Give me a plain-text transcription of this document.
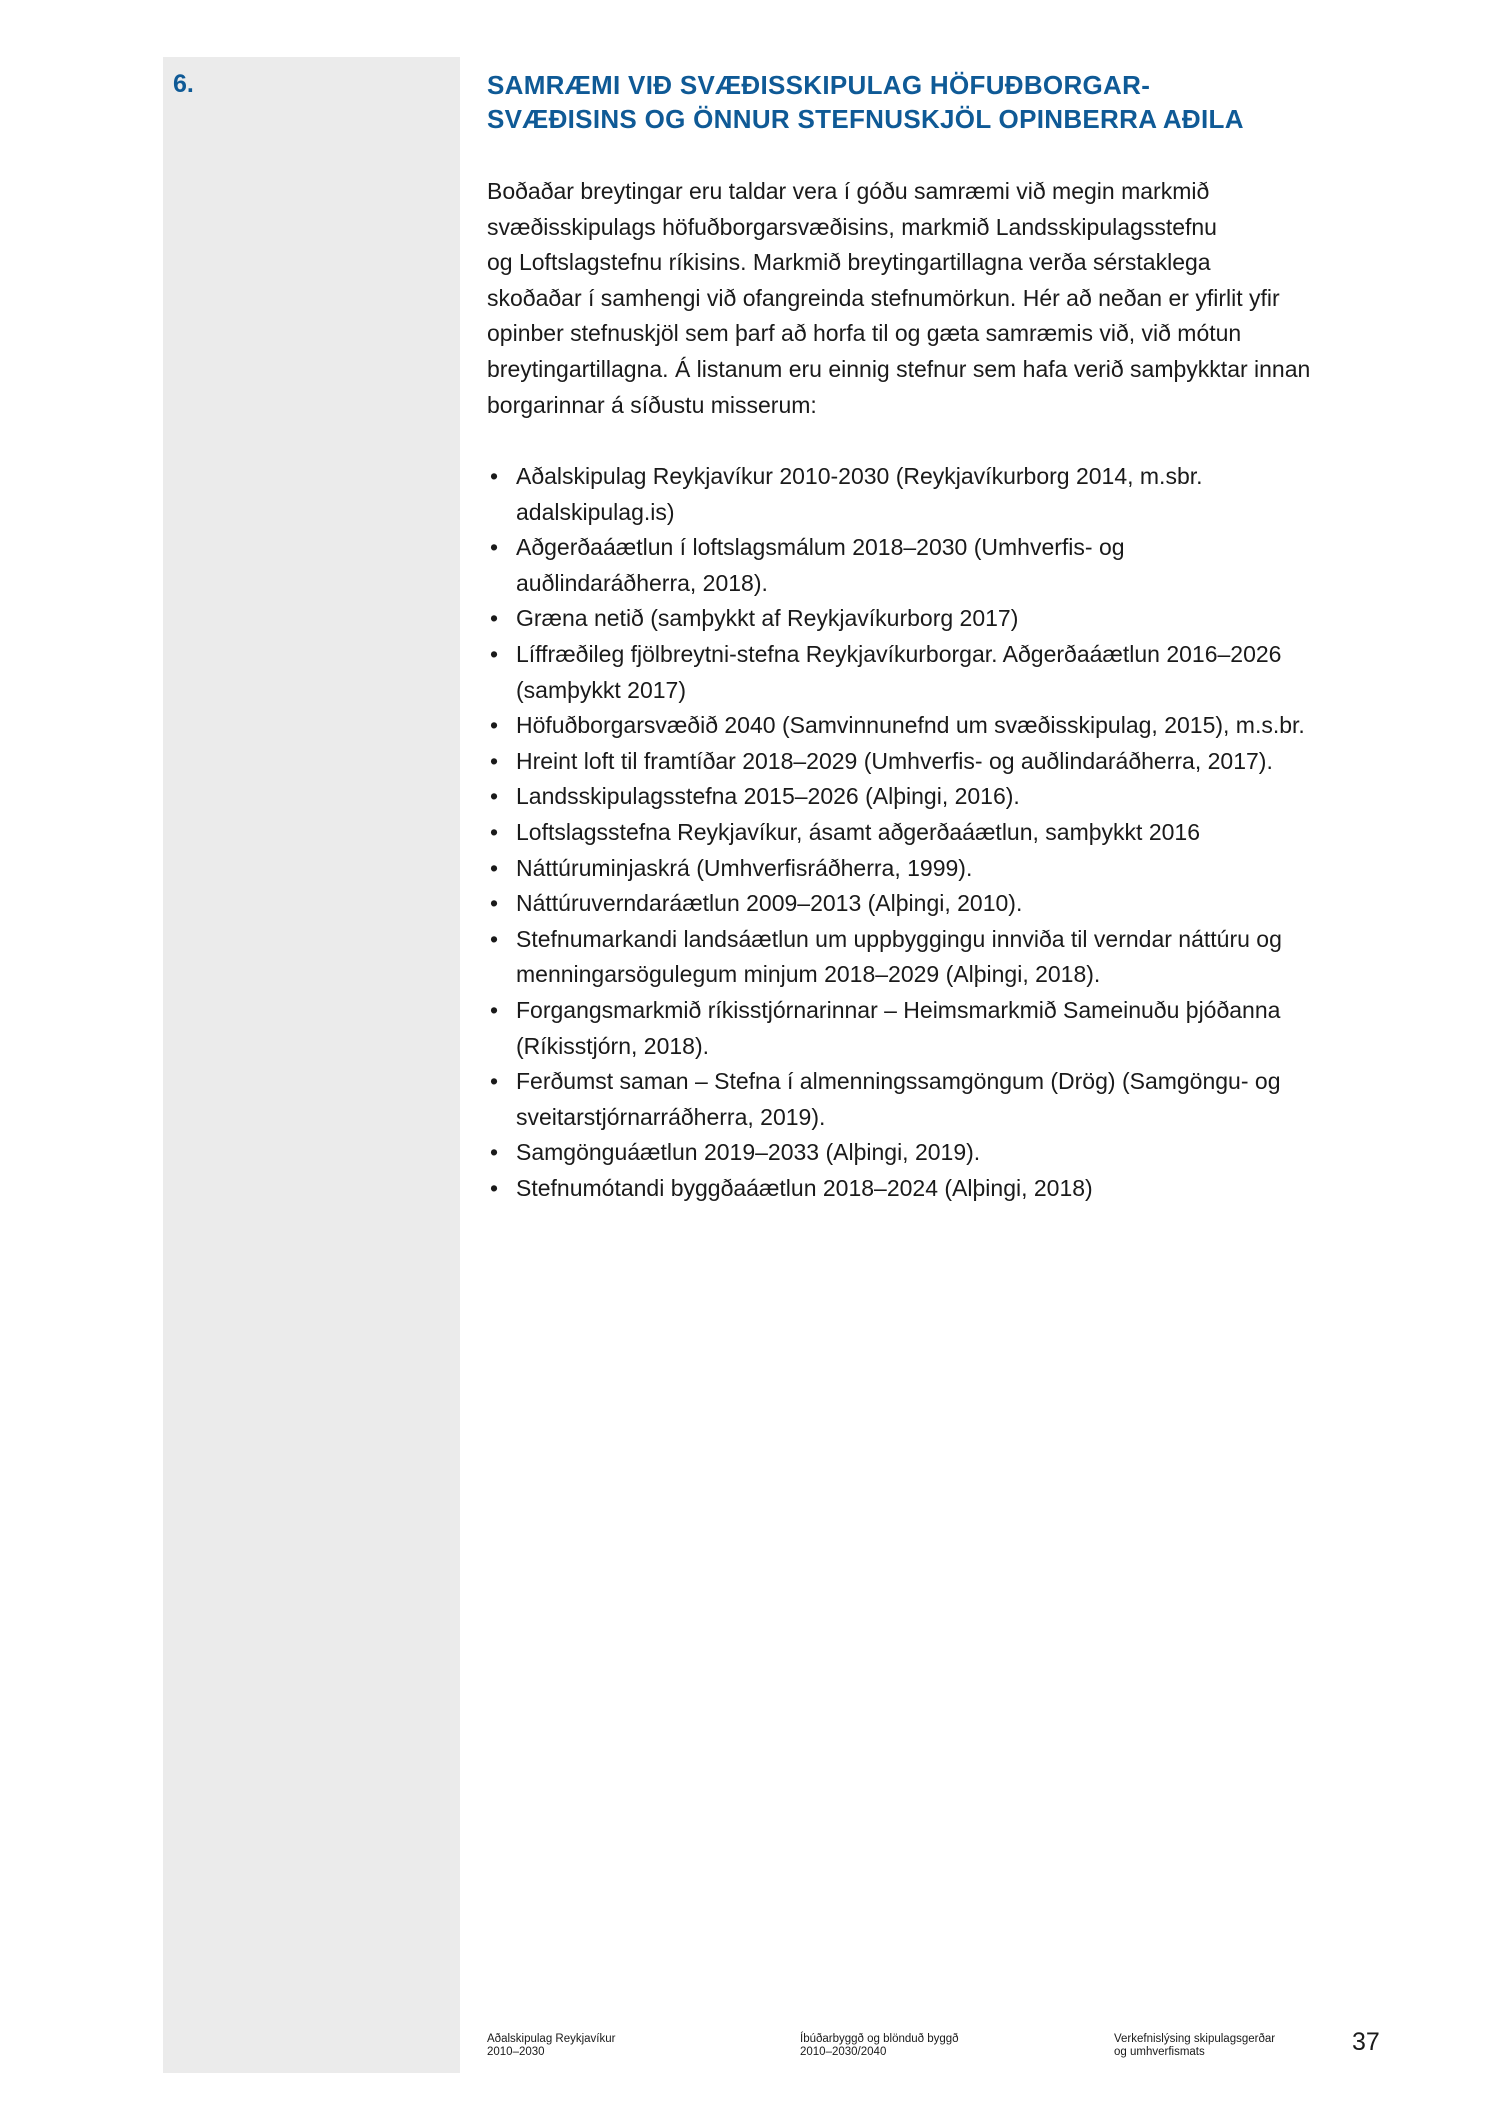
6.	SAMRÆMI VIÐ SVÆÐISSKIPULAG HÖFUÐBORGAR-
SVÆÐISINS OG ÖNNUR STEFNUSKJÖL OPINBERRA AÐILA

Boðaðar breytingar eru taldar vera í góðu samræmi við megin markmið
svæðisskipulags höfuðborgarsvæðisins, markmið Landsskipulagsstefnu
og Loftslagstefnu ríkisins. Markmið breytingartillagna verða sérstaklega
skoðaðar í samhengi við ofangreinda stefnumörkun. Hér að neðan er yfirlit yfir
opinber stefnuskjöl sem þarf að horfa til og gæta samræmis við, við mótun
breytingartillagna. Á listanum eru einnig stefnur sem hafa verið samþykktar innan
borgarinnar á síðustu misserum:

• Aðalskipulag Reykjavíkur 2010-2030 (Reykjavíkurborg 2014, m.sbr.
adalskipulag.is)
• Aðgerðaáætlun í loftslagsmálum 2018–2030 (Umhverfis- og
auðlindaráðherra, 2018).
• Græna netið (samþykkt af Reykjavíkurborg 2017)
• Líffræðileg fjölbreytni-stefna Reykjavíkurborgar. Aðgerðaáætlun 2016–2026
(samþykkt 2017)
• Höfuðborgarsvæðið 2040 (Samvinnunefnd um svæðisskipulag, 2015), m.s.br.
• Hreint loft til framtíðar 2018–2029 (Umhverfis- og auðlindaráðherra, 2017).
• Landsskipulagsstefna 2015–2026 (Alþingi, 2016).
• Loftslagsstefna Reykjavíkur, ásamt aðgerðaáætlun, samþykkt 2016
• Náttúruminjaskrá (Umhverfisráðherra, 1999).
• Náttúruverndaráætlun 2009–2013 (Alþingi, 2010).
• Stefnumarkandi landsáætlun um uppbyggingu innviða til verndar náttúru og
menningarsögulegum minjum 2018–2029 (Alþingi, 2018).
• Forgangsmarkmið ríkisstjórnarinnar – Heimsmarkmið Sameinuðu þjóðanna
(Ríkisstjórn, 2018).
• Ferðumst saman – Stefna í almenningssamgöngum (Drög) (Samgöngu- og
sveitarstjórnarráðherra, 2019).
• Samgönguáætlun 2019–2033 (Alþingi, 2019).
• Stefnumótandi byggðaáætlun 2018–2024 (Alþingi, 2018)
Aðalskipulag Reykjavíkur
2010–2030
Íbúðarbyggð og blönduð byggð
2010–2030/2040
Verkefnislýsing skipulagsgerðar
og umhverfismats	37
